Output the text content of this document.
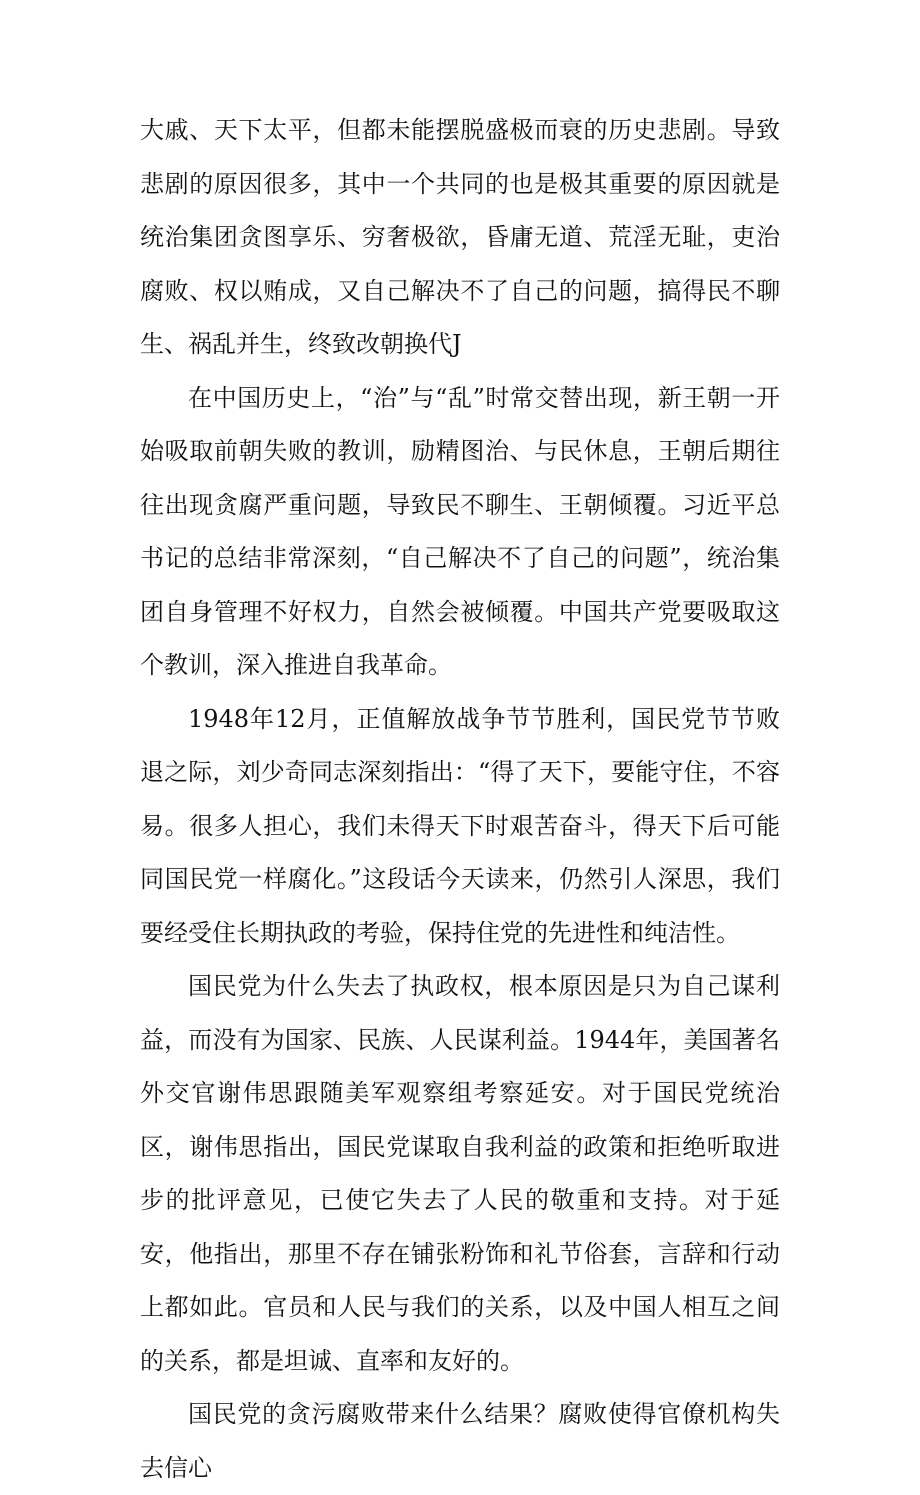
大戚、天下太平，但都未能摆脱盛极而衰的历史悲剧。导致悲剧的原因很多，其中一个共同的也是极其重要的原因就是统治集团贪图享乐、穷奢极欲，昏庸无道、荒淫无耻，吏治腐败、权以贿成，又自己解决不了自己的问题，搞得民不聊生、祸乱并生，终致改朝换代J

在中国历史上，“治”与“乱”时常交替出现，新王朝一开始吸取前朝失败的教训，励精图治、与民休息，王朝后期往往出现贪腐严重问题，导致民不聊生、王朝倾覆。习近平总书记的总结非常深刻，“自己解决不了自己的问题”，统治集团自身管理不好权力，自然会被倾覆。中国共产党要吸取这个教训，深入推进自我革命。

1948年12月，正值解放战争节节胜利，国民党节节败退之际，刘少奇同志深刻指出：“得了天下，要能守住，不容易。很多人担心，我们未得天下时艰苦奋斗，得天下后可能同国民党一样腐化。”这段话今天读来，仍然引人深思，我们要经受住长期执政的考验，保持住党的先进性和纯洁性。

国民党为什么失去了执政权，根本原因是只为自己谋利益，而没有为国家、民族、人民谋利益。1944年，美国著名外交官谢伟思跟随美军观察组考察延安。对于国民党统治区，谢伟思指出，国民党谋取自我利益的政策和拒绝听取进步的批评意见，已使它失去了人民的敬重和支持。对于延安，他指出，那里不存在铺张粉饰和礼节俗套，言辞和行动上都如此。官员和人民与我们的关系，以及中国人相互之间的关系，都是坦诚、直率和友好的。

国民党的贪污腐败带来什么结果？腐败使得官僚机构失去信心
